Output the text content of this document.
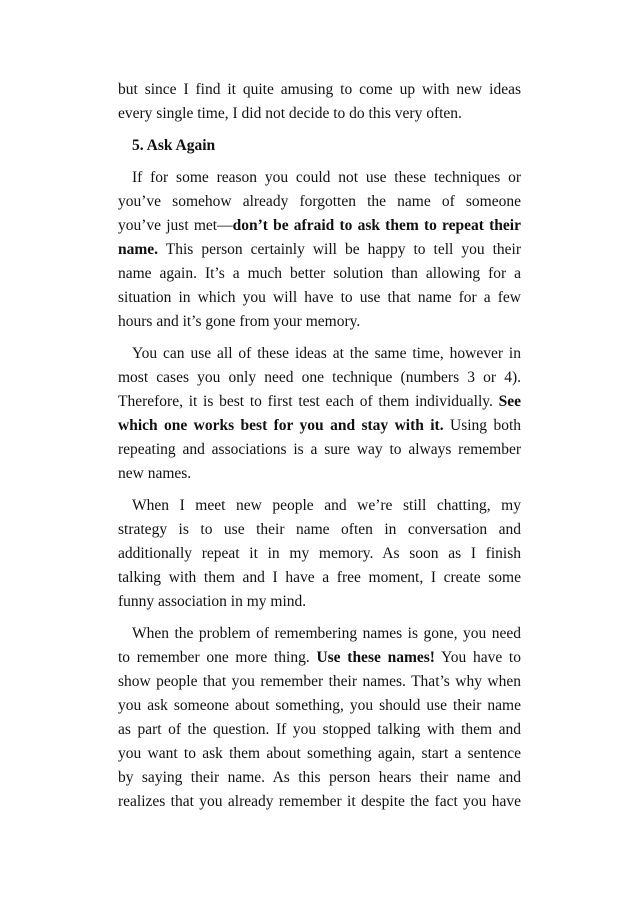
but since I find it quite amusing to come up with new ideas
every single time, I did not decide to do this very often.
5. Ask Again
If for some reason you could not use these techniques or
you’ve somehow already forgotten the name of someone
you’ve just met—don’t be afraid to ask them to repeat their
name. This person certainly will be happy to tell you their
name again. It’s a much better solution than allowing for a
situation in which you will have to use that name for a few
hours and it’s gone from your memory.
You can use all of these ideas at the same time, however in
most cases you only need one technique (numbers 3 or 4).
Therefore, it is best to first test each of them individually. See
which one works best for you and stay with it. Using both
repeating and associations is a sure way to always remember
new names.
When I meet new people and we’re still chatting, my
strategy is to use their name often in conversation and
additionally repeat it in my memory. As soon as I finish
talking with them and I have a free moment, I create some
funny association in my mind.
When the problem of remembering names is gone, you need
to remember one more thing. Use these names! You have to
show people that you remember their names. That’s why when
you ask someone about something, you should use their name
as part of the question. If you stopped talking with them and
you want to ask them about something again, start a sentence
by saying their name. As this person hears their name and
realizes that you already remember it despite the fact you have
